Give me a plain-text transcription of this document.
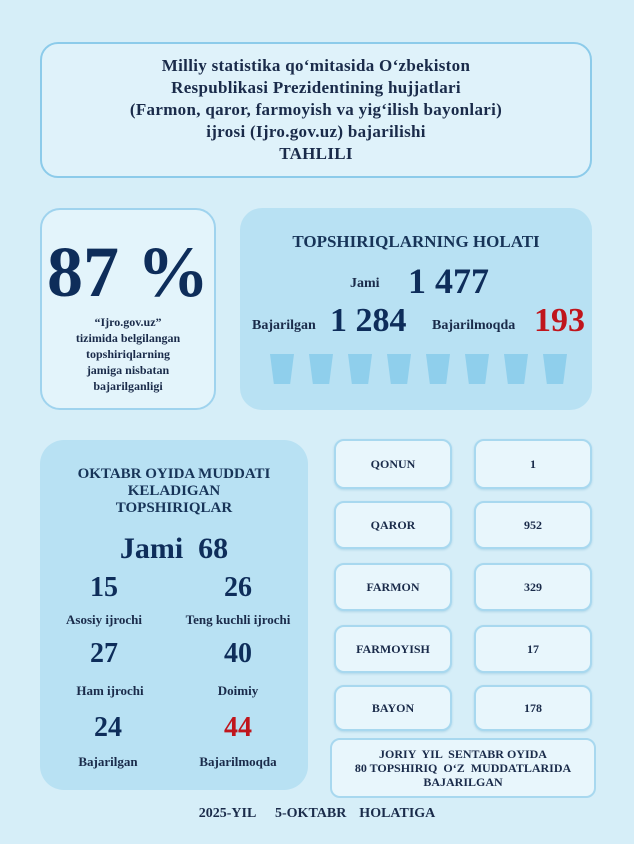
Milliy statistika qo‘mitasida O‘zbekiston
Respublikasi Prezidentining hujjatlari
(Farmon, qaror, farmoyish va yig‘ilish bayonlari)
ijrosi (Ijro.gov.uz) bajarilishi
TAHLILI
87 %
“Ijro.gov.uz”
tizimida belgilangan
topshiriqlarning
jamiga nisbatan
bajarilganligi
TOPSHIRIQLARNING HOLATI
Jami 1 477
Bajarilgan 1 284 Bajarilmoqda 193
OKTABR OYIDA MUDDATI
KELADIGAN
TOPSHIRIQLAR
Jami  68
15
Asosiy ijrochi
26
Teng kuchli ijrochi
27
Ham ijrochi
40
Doimiy
24
Bajarilgan
44
Bajarilmoqda
QONUN	1
QAROR	952
FARMON	329
FARMOYISH	17
BAYON	178
JORIY  YIL  SENTABR OYIDA
80 TOPSHIRIQ  O‘Z  MUDDATLARIDA
BAJARILGAN
2025-YIL   5-OKTABR  HOLATIGA
